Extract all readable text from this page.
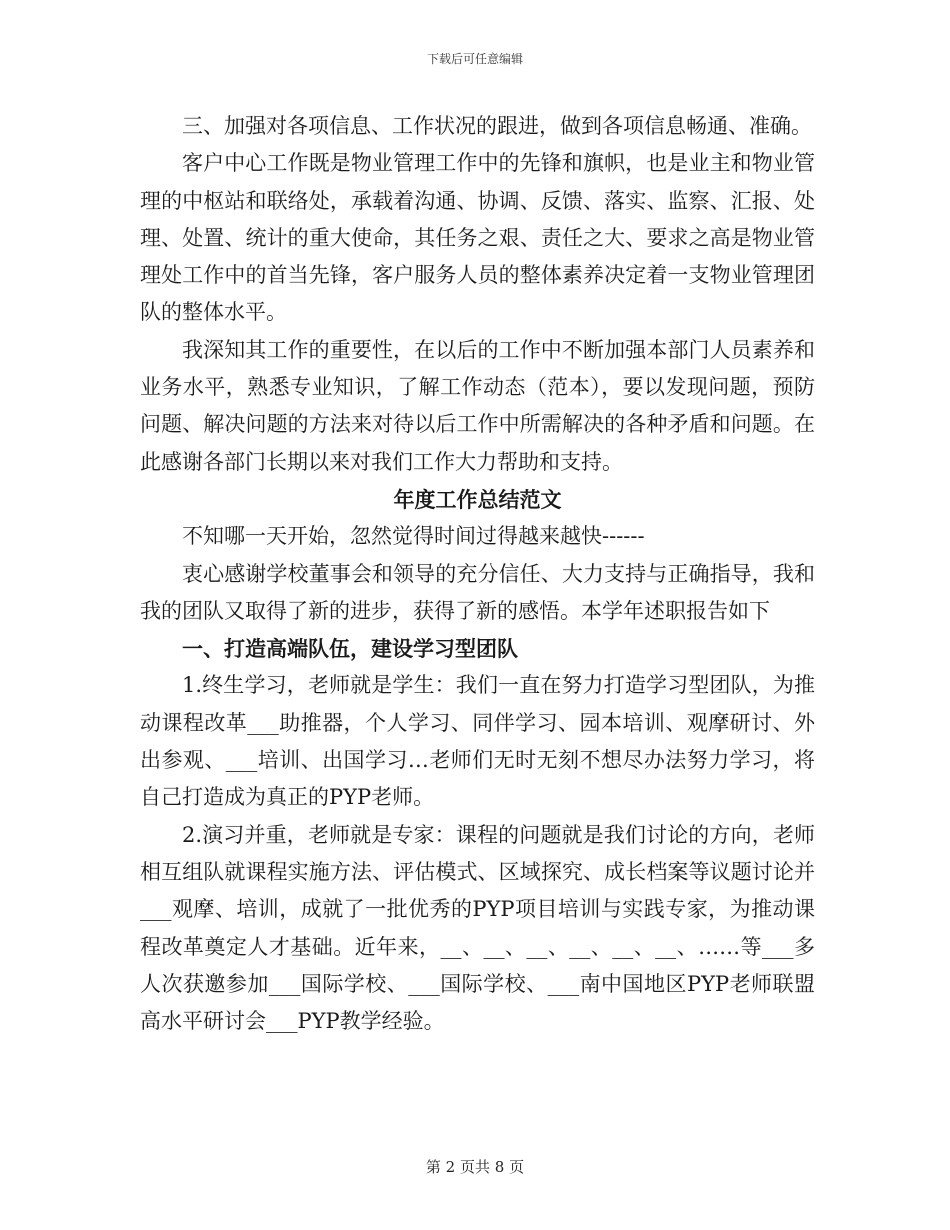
下载后可任意编辑

三、加强对各项信息、工作状况的跟进，做到各项信息畅通、准确。

客户中心工作既是物业管理工作中的先锋和旗帜，也是业主和物业管理的中枢站和联络处，承载着沟通、协调、反馈、落实、监察、汇报、处理、处置、统计的重大使命，其任务之艰、责任之大、要求之高是物业管理处工作中的首当先锋，客户服务人员的整体素养决定着一支物业管理团队的整体水平。

我深知其工作的重要性，在以后的工作中不断加强本部门人员素养和业务水平，熟悉专业知识，了解工作动态（范本），要以发现问题，预防问题、解决问题的方法来对待以后工作中所需解决的各种矛盾和问题。在此感谢各部门长期以来对我们工作大力帮助和支持。

年度工作总结范文

不知哪一天开始，忽然觉得时间过得越来越快------

衷心感谢学校董事会和领导的充分信任、大力支持与正确指导，我和我的团队又取得了新的进步，获得了新的感悟。本学年述职报告如下

一、打造高端队伍，建设学习型团队

1.终生学习，老师就是学生：我们一直在努力打造学习型团队，为推动课程改革___助推器，个人学习、同伴学习、园本培训、观摩研讨、外出参观、___培训、出国学习…老师们无时无刻不想尽办法努力学习，将自己打造成为真正的PYP老师。

2.演习并重，老师就是专家：课程的问题就是我们讨论的方向，老师相互组队就课程实施方法、评估模式、区域探究、成长档案等议题讨论并___观摩、培训，成就了一批优秀的PYP项目培训与实践专家，为推动课程改革奠定人才基础。近年来，__、__、__、__、__、__、……等___多人次获邀参加___国际学校、___国际学校、___南中国地区PYP老师联盟高水平研讨会___PYP教学经验。

第 2 页共 8 页
